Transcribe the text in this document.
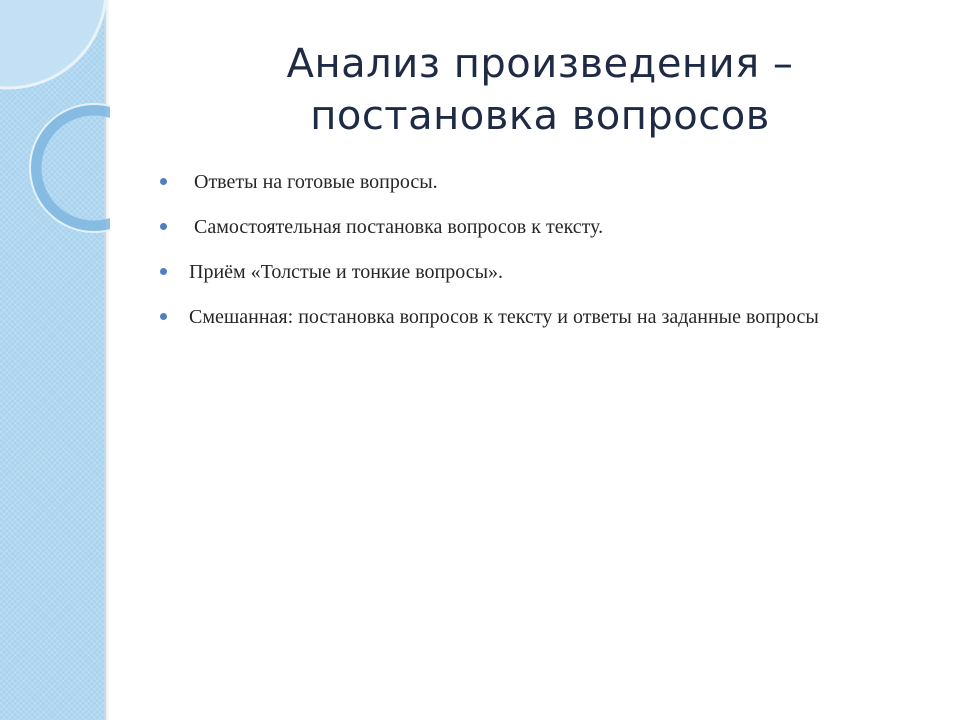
Анализ произведения –
постановка вопросов
Ответы на готовые вопросы.
Самостоятельная постановка вопросов к тексту.
Приём «Толстые и тонкие вопросы».
Смешанная: постановка вопросов к тексту и ответы на заданные вопросы
